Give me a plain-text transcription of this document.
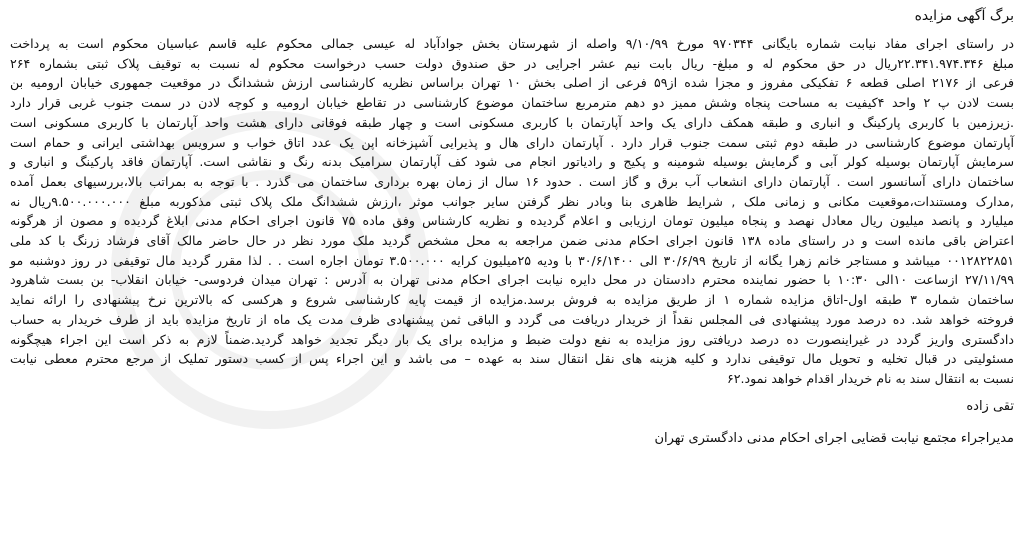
برگ آگهی مزایده
در راستای اجرای مفاد نیابت شماره بایگانی ۹۷۰۳۴۴ مورخ ۹/۱۰/۹۹ واصله از شهرستان بخش جوادآباد له عیسی جمالی محکوم علیه قاسم عباسیان محکوم است به پرداخت
مبلغ ۲۲.۳۴۱.۹۷۴.۳۴۶ریال در حق محکوم له و مبلغ- ریال بابت نیم عشر اجرایی در حق صندوق دولت حسب درخواست محکوم له نسبت به توقیف پلاک ثبتی بشماره ۲۶۴
فرعی از ۲۱۷۶ اصلی قطعه ۶ تفکیکی مفروز و مجزا شده از۵۹ فرعی از اصلی بخش ۱۰ تهران براساس نظریه کارشناسی ارزش ششدانگ در موقعیت جمهوری خیابان ارومیه بن
بست لادن پ ۲ واحد ۴کیفیت به مساحت پنجاه وشش ممیز دو دهم مترمربع ساختمان موضوع کارشناسی در تقاطع خیابان ارومیه و کوچه لادن در سمت جنوب غربی قرار دارد
.زیرزمین با کاربری پارکینگ و انباری و طبقه همکف دارای یک واحد آپارتمان با کاربری مسکونی است و چهار طبقه فوقانی دارای هشت واحد آپارتمان با کاربری مسکونی است
آپارتمان موضوع کارشناسی در طبقه دوم ثبتی سمت جنوب قرار دارد . آپارتمان دارای هال و پذیرایی آشپزخانه اپن یک عدد اتاق خواب و سرویس بهداشتی ایرانی و حمام است
سرمایش آپارتمان بوسیله کولر آبی و گرمایش بوسیله شومینه و پکیج و رادیاتور انجام می شود کف آپارتمان سرامیک بدنه رنگ و نقاشی است. آپارتمان فاقد پارکینگ و انباری و
ساختمان دارای آسانسور است . آپارتمان دارای انشعاب آب برق و گاز است . حدود ۱۶ سال از زمان بهره برداری ساختمان می گذرد . با توجه به بمراتب بالا،بررسیهای بعمل آمده
,مدارک ومستندات،موقعیت مکانی و زمانی ملک , شرایط ظاهری بنا وبادر نظر گرفتن سایر جوانب موثر ،ارزش ششدانگ ملک پلاک ثبتی مذکوربه مبلغ ۹.۵۰۰.۰۰۰.۰۰۰ریال نه
میلیارد و پانصد میلیون ریال معادل نهصد و پنجاه میلیون تومان ارزیابی و اعلام گردیده و نظریه کارشناس وفق ماده ۷۵ قانون اجرای احکام مدنی ابلاغ گردیده و مصون از هرگونه
اعتراض باقی مانده است و در راستای ماده ۱۳۸ قانون اجرای احکام مدنی ضمن مراجعه به محل مشخص گردید ملک مورد نظر در حال حاضر مالک آقای فرشاد زرنگ با کد ملی
۰۰۱۲۸۲۲۸۵۱ میباشد و مستاجر خانم زهرا یگانه از تاریخ ۳۰/۶/۹۹ الی ۳۰/۶/۱۴۰۰ با ودیه ۲۵میلیون کرایه ۳.۵۰۰.۰۰۰ تومان اجاره است . . لذا مقرر گردید مال توقیفی در روز دوشنبه مو
۲۷/۱۱/۹۹ ازساعت ۱۰الی ۱۰:۳۰ با حضور نماینده محترم دادستان در محل دایره نیابت اجرای احکام مدنی تهران به آدرس : تهران میدان فردوسی- خیابان انقلاب- بن بست شاهرود
ساختمان شماره ۳ طبقه اول-اتاق مزایده شماره ۱ از طریق مزایده به فروش برسد.مزایده از قیمت پایه کارشناسی شروع و هرکسی که بالاترین نرخ پیشنهادی را ارائه نماید
فروخته خواهد شد. ده درصد مورد پیشنهادی فی المجلس نقداً از خریدار دریافت می گردد و الباقی ثمن پیشنهادی ظرف مدت یک ماه از تاریخ مزایده باید از طرف خریدار به حساب
دادگستری واریز گردد در غیراینصورت ده درصد دریافتی روز مزایده به نفع دولت ضبط و مزایده برای یک بار دیگر تجدید خواهد گردید.ضمناً لازم به ذکر است این اجراء هیچگونه
مسئولیتی در قبال تخلیه و تحویل مال توقیفی ندارد و کلیه هزینه های نقل انتقال سند به عهده – می باشد و این اجراء پس از کسب دستور تملیک از مرجع محترم معطی نیابت
نسبت به انتقال سند به نام خریدار اقدام خواهد نمود.۶۲
تقی زاده
مدیراجراء مجتمع نیابت قضایی اجرای احکام مدنی دادگستری تهران
